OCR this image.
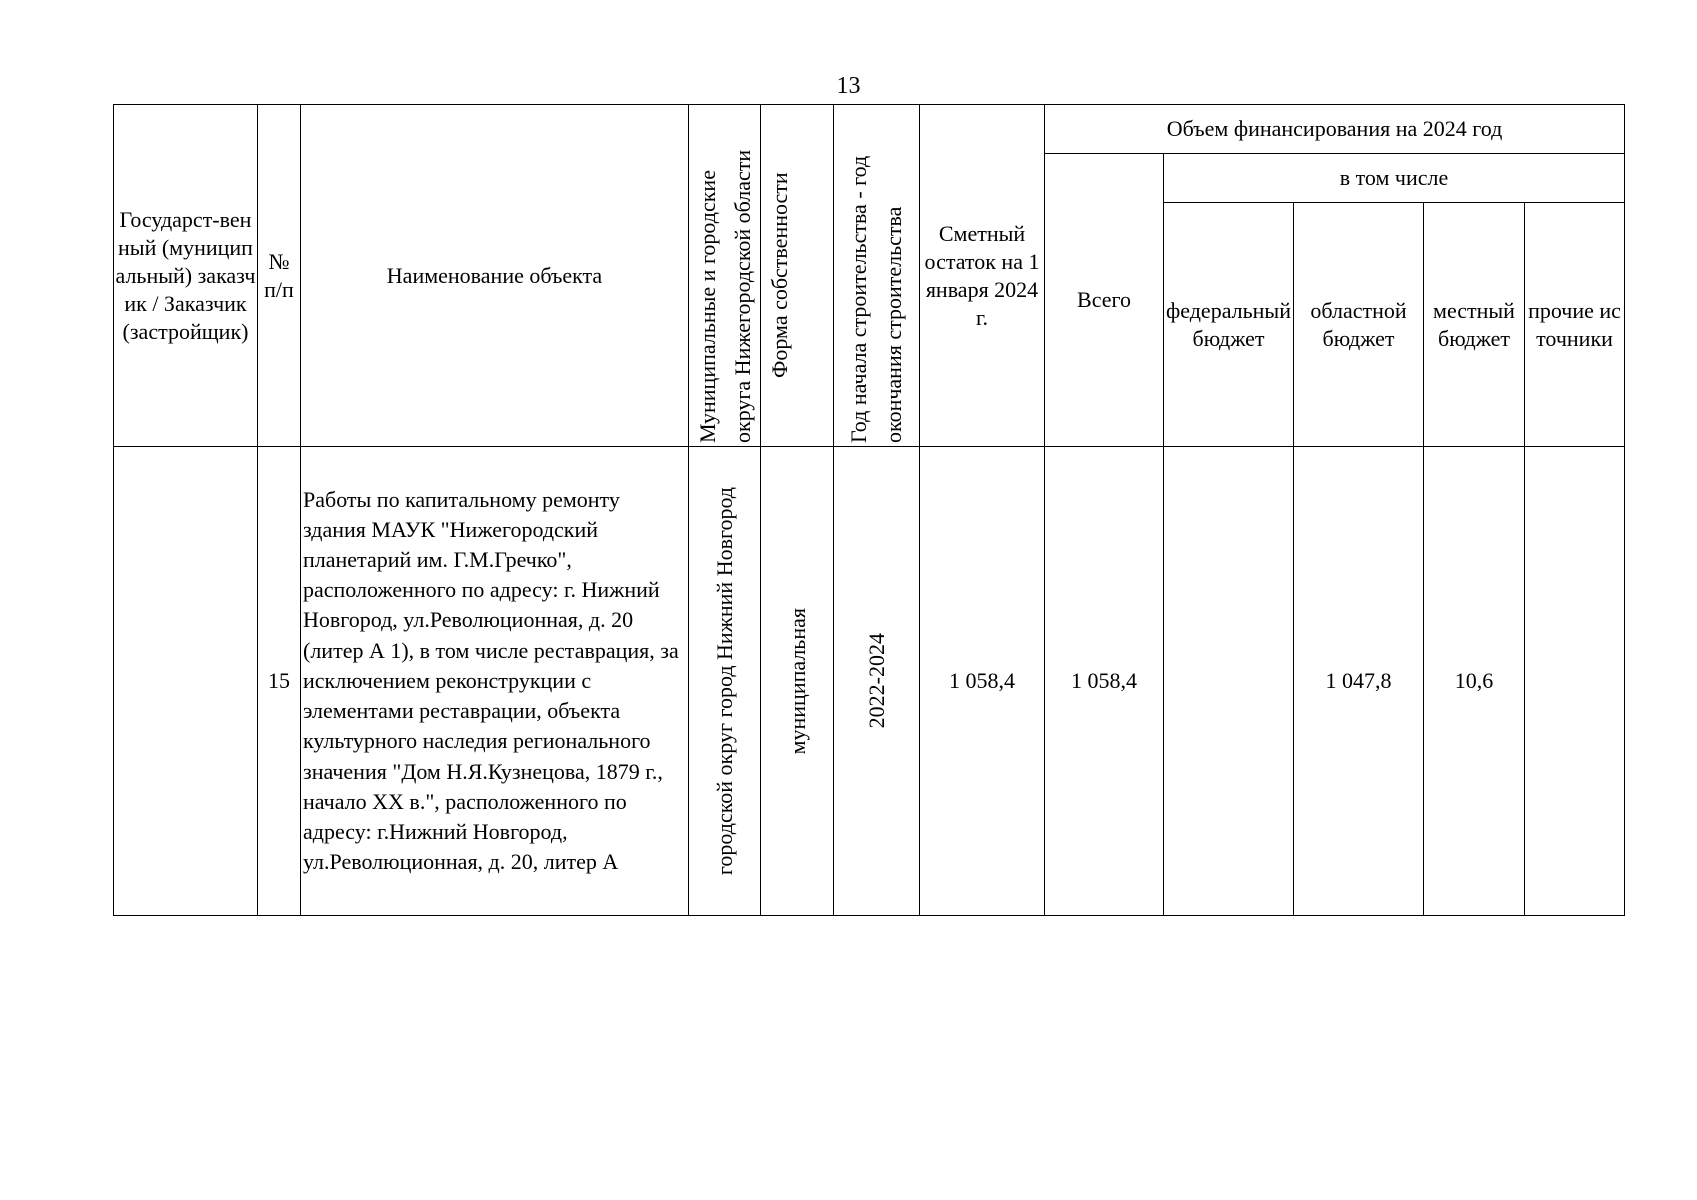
13
Государст-венный (муниципальный) заказчик / Заказчик (застройщик)	№ п/п	Наименование объекта	Муниципальные и городские округа Нижегородской области	Форма собственности	Год начала строительства - год окончания строительства	Сметный остаток на 1 января 2024 г.	Объем финансирования на 2024 год				
							Всего	в том числе			
								федеральный бюджет	областной бюджет	местный бюджет	прочие источники
	15	Работы по капитальному ремонту здания МАУК "Нижегородский планетарий им. Г.М.Гречко", расположенного по адресу: г. Нижний Новгород, ул.Революционная, д. 20 (литер А 1), в том числе реставрация, за исключением реконструкции с элементами реставрации, объекта культурного наследия регионального значения "Дом Н.Я.Кузнецова, 1879 г., начало XX в.", расположенного по адресу: г.Нижний Новгород, ул.Революционная, д. 20, литер А	городской округ город Нижний Новгород	муниципальная	2022-2024	1 058,4	1 058,4		1 047,8	10,6	
